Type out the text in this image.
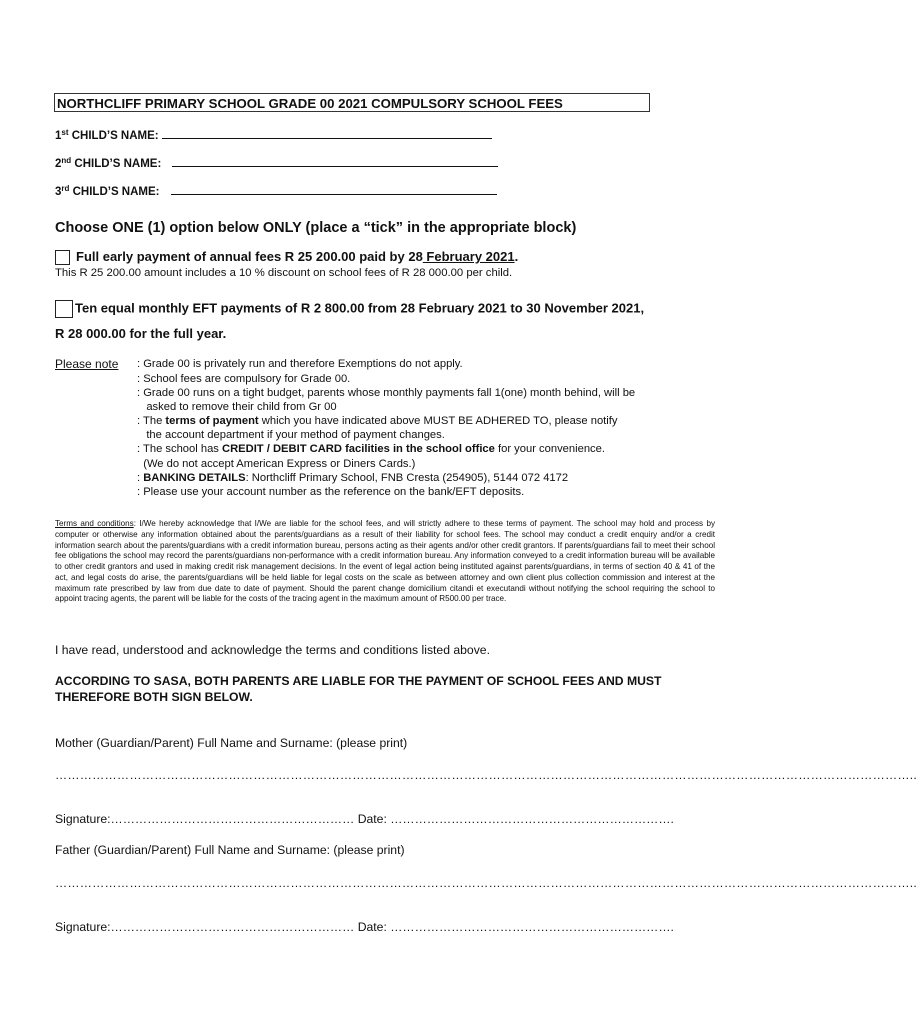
NORTHCLIFF PRIMARY SCHOOL GRADE 00 2021 COMPULSORY SCHOOL FEES
1st CHILD’S NAME:
2nd CHILD’S NAME:
3rd CHILD’S NAME:
Choose ONE (1) option below ONLY (place a “tick” in the appropriate block)
Full early payment of annual fees R 25 200.00 paid by 28 February 2021.
This R 25 200.00 amount includes a 10 % discount on school fees of R 28 000.00 per child.
Ten equal monthly EFT payments of R 2 800.00 from 28 February 2021 to 30 November 2021,
R 28 000.00 for the full year.
Please note : Grade 00 is privately run and therefore Exemptions do not apply.
: School fees are compulsory for Grade 00.
: Grade 00 runs on a tight budget, parents whose monthly payments fall 1(one) month behind, will be
asked to remove their child from Gr 00
: The terms of payment which you have indicated above MUST BE ADHERED TO, please notify
the account department if your method of payment changes.
: The school has CREDIT / DEBIT CARD facilities in the school office for your convenience.
(We do not accept American Express or Diners Cards.)
: BANKING DETAILS: Northcliff Primary School, FNB Cresta (254905), 5144 072 4172
: Please use your account number as the reference on the bank/EFT deposits.
Terms and conditions: I/We hereby acknowledge that I/We are liable for the school fees, and will strictly adhere to these terms of payment. The school may hold and process by computer or otherwise any information obtained about the parents/guardians as a result of their liability for school fees. The school may conduct a credit enquiry and/or a credit information search about the parents/guardians with a credit information bureau, persons acting as their agents and/or other credit grantors. If parents/guardians fail to meet their school fee obligations the school may record the parents/guardians non-performance with a credit information bureau. Any information conveyed to a credit information bureau will be available to other credit grantors and used in making credit risk management decisions. In the event of legal action being instituted against parents/guardians, in terms of section 40 & 41 of the act, and legal costs do arise, the parents/guardians will be held liable for legal costs on the scale as between attorney and own client plus collection commission and interest at the maximum rate prescribed by law from due date to date of payment. Should the parent change domicilium citandi et executandi without notifying the school requiring the school to appoint tracing agents, the parent will be liable for the costs of the tracing agent in the maximum amount of R500.00 per trace.
I have read, understood and acknowledge the terms and conditions listed above.
ACCORDING TO SASA, BOTH PARENTS ARE LIABLE FOR THE PAYMENT OF SCHOOL FEES AND MUST THEREFORE BOTH SIGN BELOW.
Mother (Guardian/Parent) Full Name and Surname: (please print)
………………………………………………………………………………………………………………………………………………………………………………………..
Signature:…………………………………………………… Date: …………………………………………………………….
Father (Guardian/Parent) Full Name and Surname: (please print)
………………………………………………………………………………………………………………………………………………………………………………………..
Signature:…………………………………………………… Date: …………………………………………………………….
